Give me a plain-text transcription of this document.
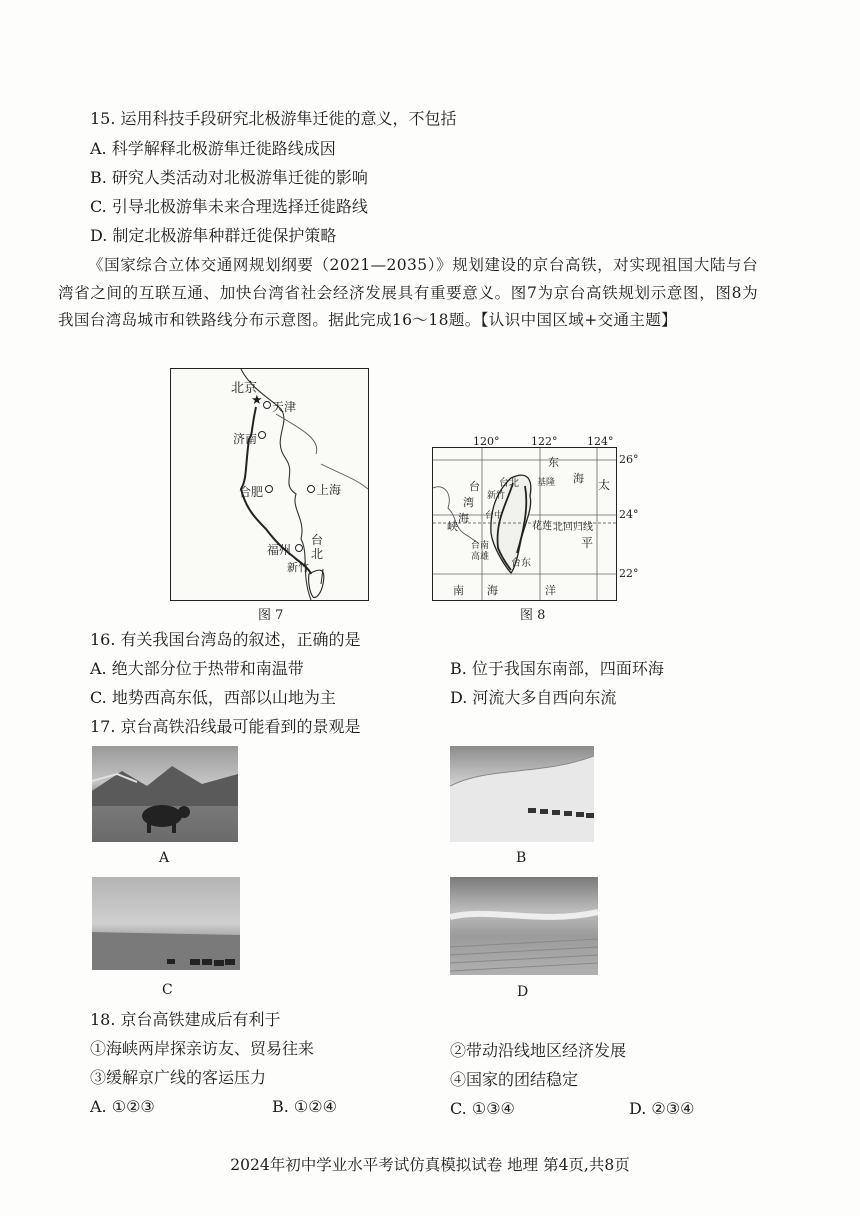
15. 运用科技手段研究北极游隼迁徙的意义，不包括
A. 科学解释北极游隼迁徙路线成因
B. 研究人类活动对北极游隼迁徙的影响
C. 引导北极游隼未来合理选择迁徙路线
D. 制定北极游隼种群迁徙保护策略
《国家综合立体交通网规划纲要（2021—2035）》规划建设的京台高铁，对实现祖国大陆与台湾省之间的互联互通、加快台湾省社会经济发展具有重要意义。图7为京台高铁规划示意图，图8为我国台湾岛城市和铁路线分布示意图。据此完成16～18题。【认识中国区域+交通主题】
北京
★ 天津
济南
合肥	上海
福州
台
北
新竹
图 7
120°	122°	124°
26°
24°
22°
东
海
台
湾
海
峡
台北 基隆
新竹
台中
花莲 北回归线
台南
高雄
台东
太
平
洋
南 海
图 8
16. 有关我国台湾岛的叙述，正确的是
A. 绝大部分位于热带和南温带	B. 位于我国东南部，四面环海
C. 地势西高东低，西部以山地为主	D. 河流大多自西向东流
17. 京台高铁沿线最可能看到的景观是
A	B
C	D
18. 京台高铁建成后有利于
①海峡两岸探亲访友、贸易往来	②带动沿线地区经济发展
③缓解京广线的客运压力	④国家的团结稳定
A. ①②③	B. ①②④	C. ①③④	D. ②③④
2024年初中学业水平考试仿真模拟试卷 地理 第4页,共8页
